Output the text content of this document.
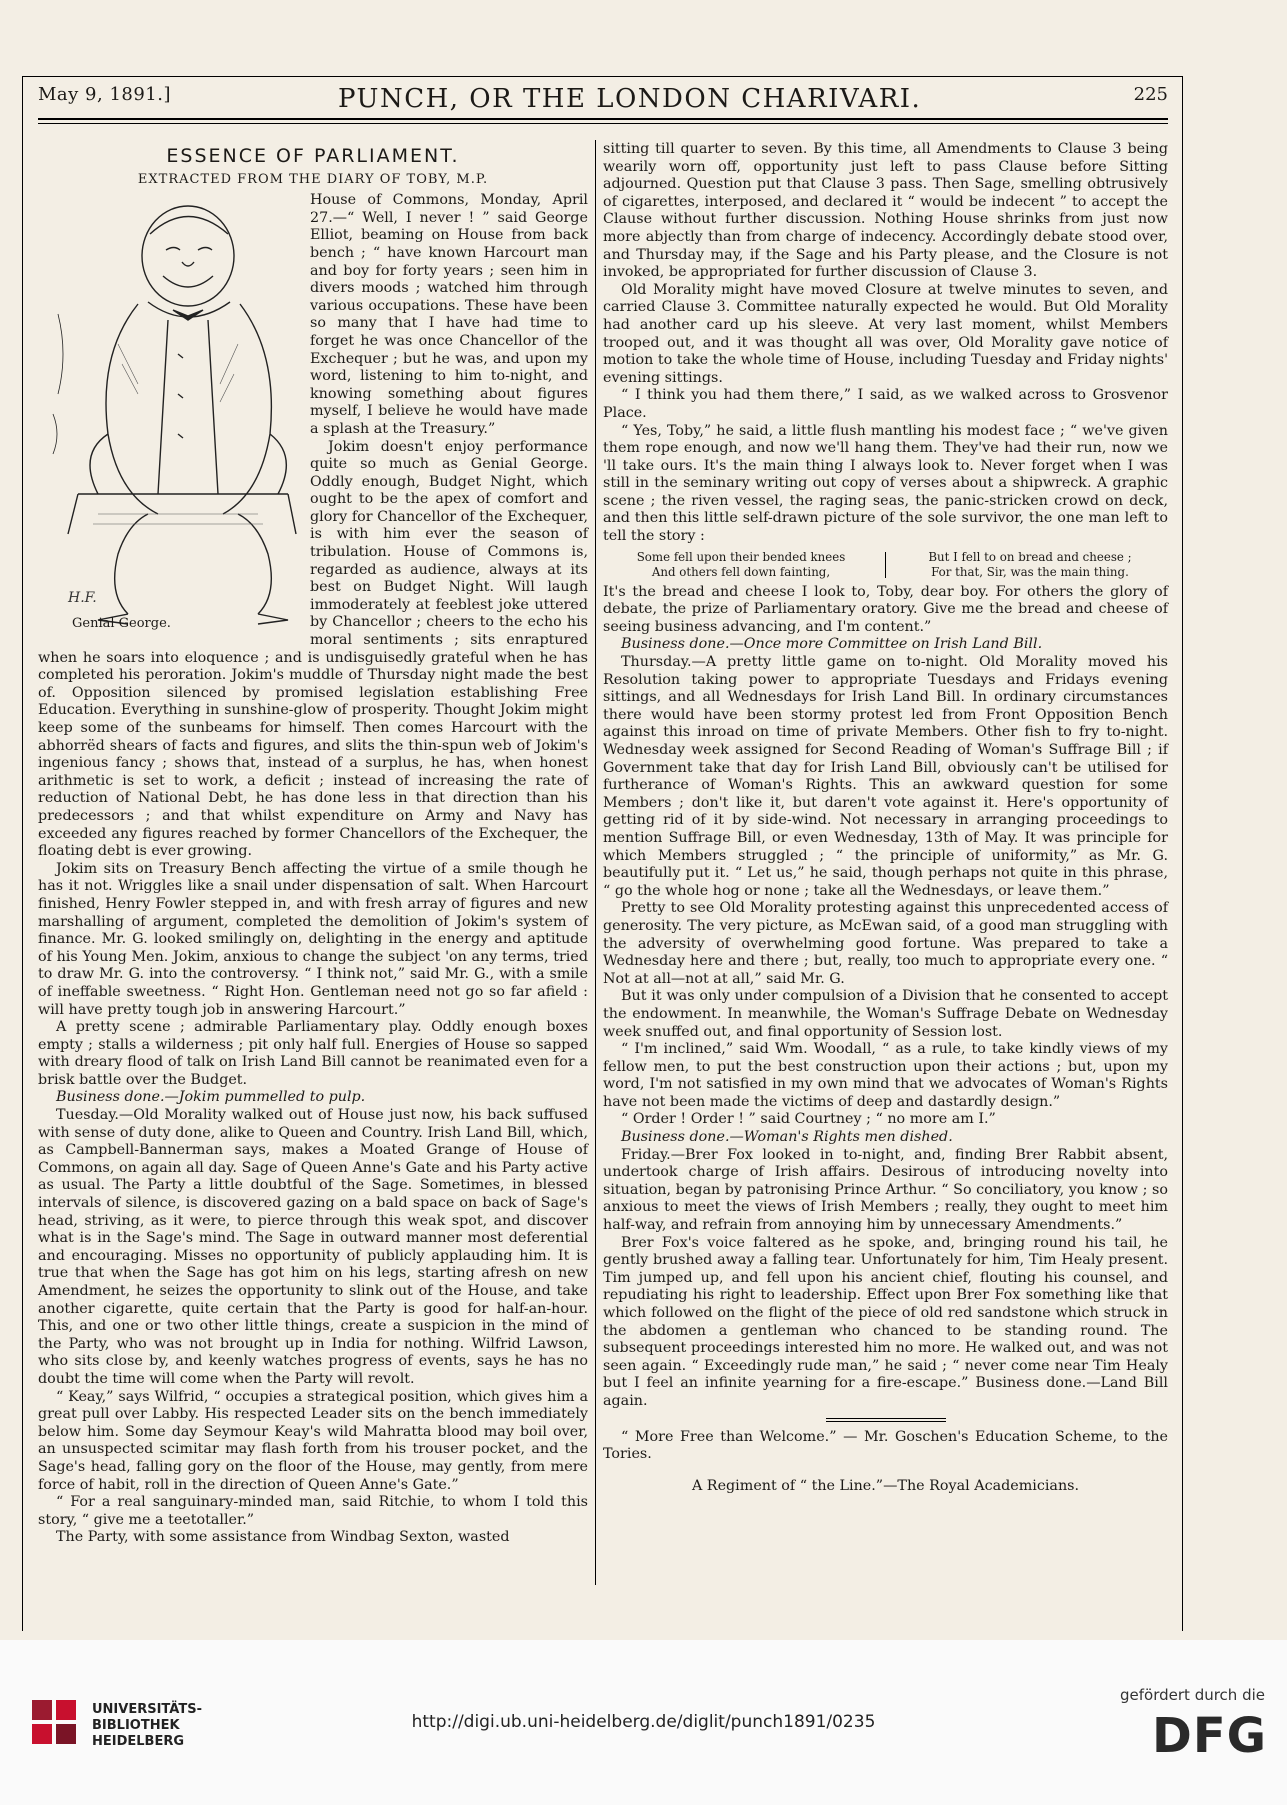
May 9, 1891.]	PUNCH, OR THE LONDON CHARIVARI.	225
ESSENCE OF PARLIAMENT.
EXTRACTED FROM THE DIARY OF TOBY, M.P.
H.F.
Genial George.

House of Commons, Monday, April 27.—“ Well, I never ! ” said George Elliot, beaming on House from back bench ; “ have known Harcourt man and boy for forty years ; seen him in divers moods ; watched him through various occupations. These have been so many that I have had time to forget he was once Chancellor of the Exchequer ; but he was, and upon my word, listening to him to-night, and knowing something about figures myself, I believe he would have made a splash at the Treasury.”

Jokim doesn't enjoy performance quite so much as Genial George. Oddly enough, Budget Night, which ought to be the apex of comfort and glory for Chancellor of the Exchequer, is with him ever the season of tribulation. House of Commons is, regarded as audience, always at its best on Budget Night. Will laugh immoderately at feeblest joke uttered by Chancellor ; cheers to the echo his moral sentiments ; sits enraptured when he soars into eloquence ; and is undisguisedly grateful when he has completed his peroration. Jokim's muddle of Thursday night made the best of. Opposition silenced by promised legislation establishing Free Education. Everything in sunshine-glow of prosperity. Thought Jokim might keep some of the sunbeams for himself. Then comes Harcourt with the abhorrëd shears of facts and figures, and slits the thin-spun web of Jokim's ingenious fancy ; shows that, instead of a surplus, he has, when honest arithmetic is set to work, a deficit ; instead of increasing the rate of reduction of National Debt, he has done less in that direction than his predecessors ; and that whilst expenditure on Army and Navy has exceeded any figures reached by former Chancellors of the Exchequer, the floating debt is ever growing.

Jokim sits on Treasury Bench affecting the virtue of a smile though he has it not. Wriggles like a snail under dispensation of salt. When Harcourt finished, Henry Fowler stepped in, and with fresh array of figures and new marshalling of argument, completed the demolition of Jokim's system of finance. Mr. G. looked smilingly on, delighting in the energy and aptitude of his Young Men. Jokim, anxious to change the subject 'on any terms, tried to draw Mr. G. into the controversy. “ I think not,” said Mr. G., with a smile of ineffable sweetness. “ Right Hon. Gentleman need not go so far afield : will have pretty tough job in answering Harcourt.”

A pretty scene ; admirable Parliamentary play. Oddly enough boxes empty ; stalls a wilderness ; pit only half full. Energies of House so sapped with dreary flood of talk on Irish Land Bill cannot be reanimated even for a brisk battle over the Budget.

Business done.—Jokim pummelled to pulp.

Tuesday.—Old Morality walked out of House just now, his back suffused with sense of duty done, alike to Queen and Country. Irish Land Bill, which, as Campbell-Bannerman says, makes a Moated Grange of House of Commons, on again all day. Sage of Queen Anne's Gate and his Party active as usual. The Party a little doubtful of the Sage. Sometimes, in blessed intervals of silence, is discovered gazing on a bald space on back of Sage's head, striving, as it were, to pierce through this weak spot, and discover what is in the Sage's mind. The Sage in outward manner most deferential and encouraging. Misses no opportunity of publicly applauding him. It is true that when the Sage has got him on his legs, starting afresh on new Amendment, he seizes the opportunity to slink out of the House, and take another cigarette, quite certain that the Party is good for half-an-hour. This, and one or two other little things, create a suspicion in the mind of the Party, who was not brought up in India for nothing. Wilfrid Lawson, who sits close by, and keenly watches progress of events, says he has no doubt the time will come when the Party will revolt.

“ Keay,” says Wilfrid, “ occupies a strategical position, which gives him a great pull over Labby. His respected Leader sits on the bench immediately below him. Some day Seymour Keay's wild Mahratta blood may boil over, an unsuspected scimitar may flash forth from his trouser pocket, and the Sage's head, falling gory on the floor of the House, may gently, from mere force of habit, roll in the direction of Queen Anne's Gate.”

“ For a real sanguinary-minded man, said Ritchie, to whom I told this story, “ give me a teetotaller.”

The Party, with some assistance from Windbag Sexton, wasted

sitting till quarter to seven. By this time, all Amendments to Clause 3 being wearily worn off, opportunity just left to pass Clause before Sitting adjourned. Question put that Clause 3 pass. Then Sage, smelling obtrusively of cigarettes, interposed, and declared it “ would be indecent ” to accept the Clause without further discussion. Nothing House shrinks from just now more abjectly than from charge of indecency. Accordingly debate stood over, and Thursday may, if the Sage and his Party please, and the Closure is not invoked, be appropriated for further discussion of Clause 3.

Old Morality might have moved Closure at twelve minutes to seven, and carried Clause 3. Committee naturally expected he would. But Old Morality had another card up his sleeve. At very last moment, whilst Members trooped out, and it was thought all was over, Old Morality gave notice of motion to take the whole time of House, including Tuesday and Friday nights' evening sittings.

“ I think you had them there,” I said, as we walked across to Grosvenor Place.

“ Yes, Toby,” he said, a little flush mantling his modest face ; “ we've given them rope enough, and now we'll hang them. They've had their run, now we 'll take ours. It's the main thing I always look to. Never forget when I was still in the seminary writing out copy of verses about a shipwreck. A graphic scene ; the riven vessel, the raging seas, the panic-stricken crowd on deck, and then this little self-drawn picture of the sole survivor, the one man left to tell the story :

Some fell upon their bended knees
And others fell down fainting,
But I fell to on bread and cheese ;
For that, Sir, was the main thing.

It's the bread and cheese I look to, Toby, dear boy. For others the glory of debate, the prize of Parliamentary oratory. Give me the bread and cheese of seeing business advancing, and I'm content.”

Business done.—Once more Committee on Irish Land Bill.

Thursday.—A pretty little game on to-night. Old Morality moved his Resolution taking power to appropriate Tuesdays and Fridays evening sittings, and all Wednesdays for Irish Land Bill. In ordinary circumstances there would have been stormy protest led from Front Opposition Bench against this inroad on time of private Members. Other fish to fry to-night. Wednesday week assigned for Second Reading of Woman's Suffrage Bill ; if Government take that day for Irish Land Bill, obviously can't be utilised for furtherance of Woman's Rights. This an awkward question for some Members ; don't like it, but daren't vote against it. Here's opportunity of getting rid of it by side-wind. Not necessary in arranging proceedings to mention Suffrage Bill, or even Wednesday, 13th of May. It was principle for which Members struggled ; “ the principle of uniformity,” as Mr. G. beautifully put it. “ Let us,” he said, though perhaps not quite in this phrase, “ go the whole hog or none ; take all the Wednesdays, or leave them.”

Pretty to see Old Morality protesting against this unprecedented access of generosity. The very picture, as McEwan said, of a good man struggling with the adversity of overwhelming good fortune. Was prepared to take a Wednesday here and there ; but, really, too much to appropriate every one. “ Not at all—not at all,” said Mr. G.

But it was only under compulsion of a Division that he consented to accept the endowment. In meanwhile, the Woman's Suffrage Debate on Wednesday week snuffed out, and final opportunity of Session lost.

“ I'm inclined,” said Wm. Woodall, “ as a rule, to take kindly views of my fellow men, to put the best construction upon their actions ; but, upon my word, I'm not satisfied in my own mind that we advocates of Woman's Rights have not been made the victims of deep and dastardly design.”

“ Order ! Order ! ” said Courtney ; “ no more am I.”

Business done.—Woman's Rights men dished.

Friday.—Brer Fox looked in to-night, and, finding Brer Rabbit absent, undertook charge of Irish affairs. Desirous of introducing novelty into situation, began by patronising Prince Arthur. “ So conciliatory, you know ; so anxious to meet the views of Irish Members ; really, they ought to meet him half-way, and refrain from annoying him by unnecessary Amendments.”

Brer Fox's voice faltered as he spoke, and, bringing round his tail, he gently brushed away a falling tear. Unfortunately for him, Tim Healy present. Tim jumped up, and fell upon his ancient chief, flouting his counsel, and repudiating his right to leadership. Effect upon Brer Fox something like that which followed on the flight of the piece of old red sandstone which struck in the abdomen a gentleman who chanced to be standing round. The subsequent proceedings interested him no more. He walked out, and was not seen again. “ Exceedingly rude man,” he said ; “ never come near Tim Healy but I feel an infinite yearning for a fire-escape.” Business done.—Land Bill again.

“ More Free than Welcome.” — Mr. Goschen's Education Scheme, to the Tories.

A Regiment of “ the Line.”—The Royal Academicians.

UNIVERSITÄTS-
BIBLIOTHEK
HEIDELBERG
http://digi.ub.uni-heidelberg.de/diglit/punch1891/0235
gefördert durch die
DFG
